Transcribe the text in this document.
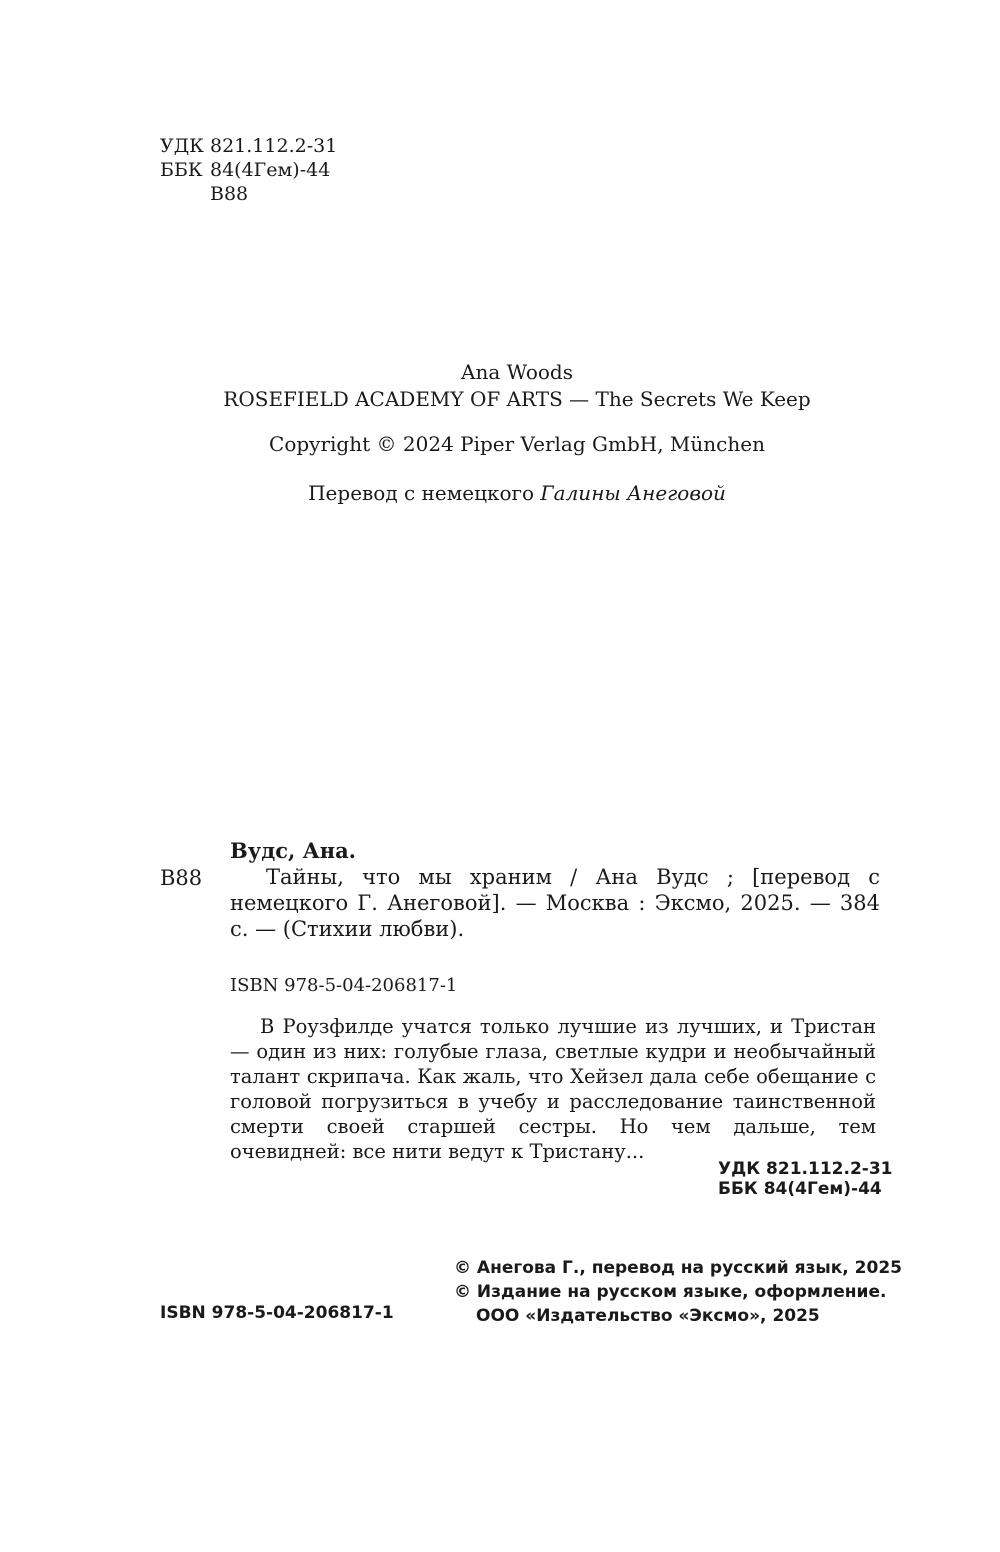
УДК 821.112.2-31
ББК 84(4Гем)-44
В88
Ana Woods
ROSEFIELD ACADEMY OF ARTS — The Secrets We Keep
Copyright © 2024 Piper Verlag GmbH, München
Перевод с немецкого Галины Анеговой
Вудс, Ана.
В88	Тайны, что мы храним / Ана Вудс ; [перевод с немецкого Г. Анеговой]. — Москва : Эксмо, 2025. — 384 с. — (Стихии любви).
ISBN 978-5-04-206817-1
В Роузфилде учатся только лучшие из лучших, и Тристан — один из них: голубые глаза, светлые кудри и необычайный талант скрипача. Как жаль, что Хейзел дала себе обещание с головой погрузиться в учебу и расследование таинственной смерти своей старшей сестры. Но чем дальше, тем очевидней: все нити ведут к Тристану...
УДК 821.112.2-31
ББК 84(4Гем)-44
ISBN 978-5-04-206817-1
© Анегова Г., перевод на русский язык, 2025
© Издание на русском языке, оформление.
ООО «Издательство «Эксмо», 2025
